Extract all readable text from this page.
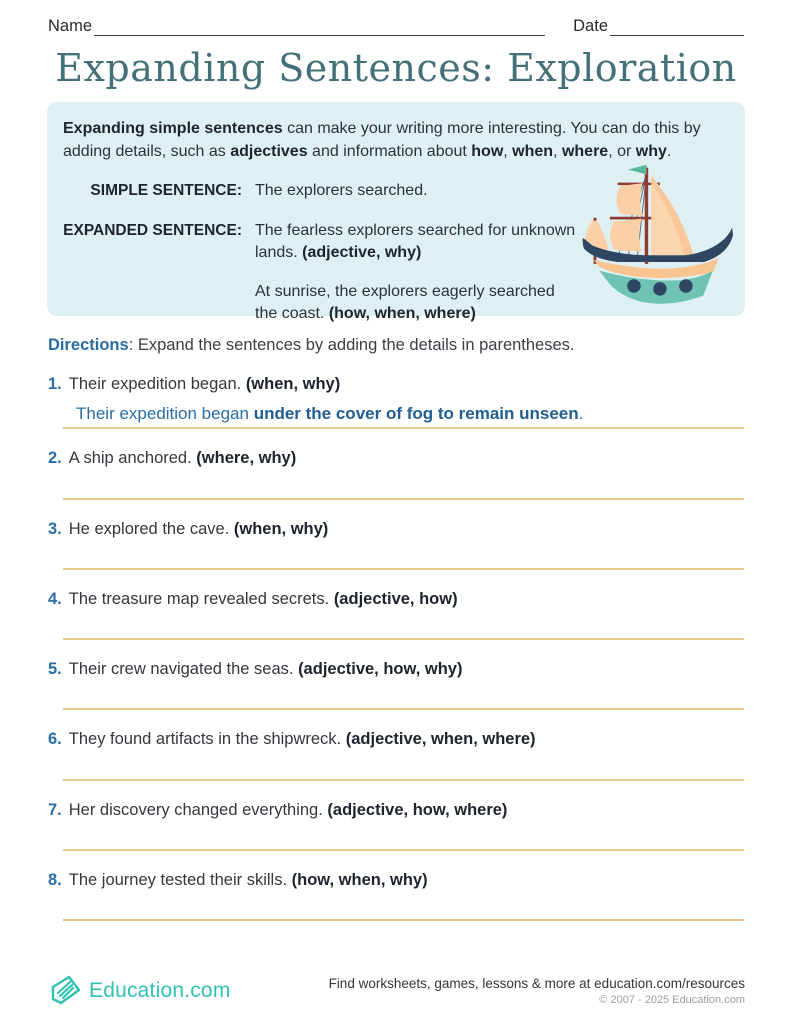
Name	Date
Expanding Sentences: Exploration

Expanding simple sentences can make your writing more interesting. You can do this by adding details, such as adjectives and information about how, when, where, or why.

SIMPLE SENTENCE: The explorers searched.
EXPANDED SENTENCE: The fearless explorers searched for unknown lands. (adjective, why)

At sunrise, the explorers eagerly searched the coast. (how, when, where)

Directions: Expand the sentences by adding the details in parentheses.

1. Their expedition began. (when, why)

Their expedition began under the cover of fog to remain unseen.

2. A ship anchored. (where, why)

3. He explored the cave. (when, why)

4. The treasure map revealed secrets. (adjective, how)

5. Their crew navigated the seas. (adjective, how, why)

6. They found artifacts in the shipwreck. (adjective, when, where)

7. Her discovery changed everything. (adjective, how, where)

8. The journey tested their skills. (how, when, why)

Education.com	Find worksheets, games, lessons & more at education.com/resources
© 2007 - 2025 Education.com
